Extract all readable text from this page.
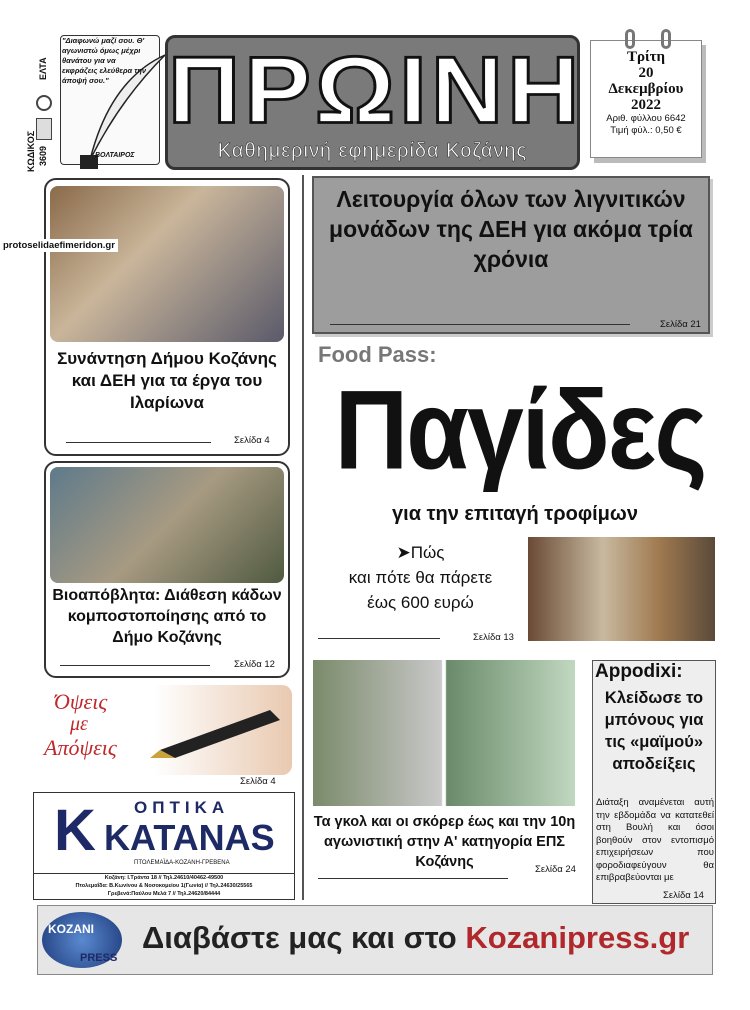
"Διαφωνώ μαζί σου. Θ' αγωνιστώ όμως μέχρι θανάτου για να εκφράζεις ελεύθερα την άποψή σου."
ΒΟΛΤΑΙΡΟΣ
ΕΛΤΑ
ΚΩΔΙΚΟΣ 3609
ΠΡΩΙΝΗ
Καθημερινή εφημερίδα Κοζάνης
Τρίτη
20
Δεκεμβρίου
2022
Αριθ. φύλλου 6642
Τιμή φύλ.: 0,50 €
Συνάντηση Δήμου Κοζάνης και ΔΕΗ για τα έργα του Ιλαρίωνα
Σελίδα 4
protoselidaefimeridon.gr
Βιοαπόβλητα: Διάθεση κάδων κομποστοποίησης από το Δήμο Κοζάνης
Σελίδα 12
Όψεις
με
Απόψεις
Σελίδα 4
ΟΠΤΙΚΑ
K KATANAS
ΠΤΟΛΕΜΑΪΔΑ-ΚΟΖΑΝΗ-ΓΡΕΒΕΝΑ
Κοζάνη: Ι.Τράντα 18 // Τηλ.24610/40462-49500
Πτολεμαΐδα: Β.Κωνίνου & Νοσοκομείου 1(Γωνία) // Τηλ.24630/25565
Γρεβενά:Παύλου Μελά 7 // Τηλ.24620/84444
Λειτουργία όλων των λιγνιτικών μονάδων της ΔΕΗ για ακόμα τρία χρόνια
Σελίδα 21
Food Pass:
Παγίδες
για την επιταγή τροφίμων
➤Πώς
και πότε θα πάρετε
έως 600 ευρώ
Σελίδα 13
Τα γκολ και οι σκόρερ έως και την 10η αγωνιστική στην Α' κατηγορία ΕΠΣ Κοζάνης	Σελίδα 24
Appodixi:
Κλείδωσε το μπόνους για τις «μαϊμού» αποδείξεις
Διάταξη αναμένεται αυτή την εβδομάδα να κατατεθεί στη Βουλή και όσοι βοηθούν στον εντοπισμό επιχειρήσεων που φοροδιαφεύγουν θα επιβραβεύονται με
Σελίδα 14
KOZANI
PRESS
Διαβάστε μας και στο Kozanipress.gr
